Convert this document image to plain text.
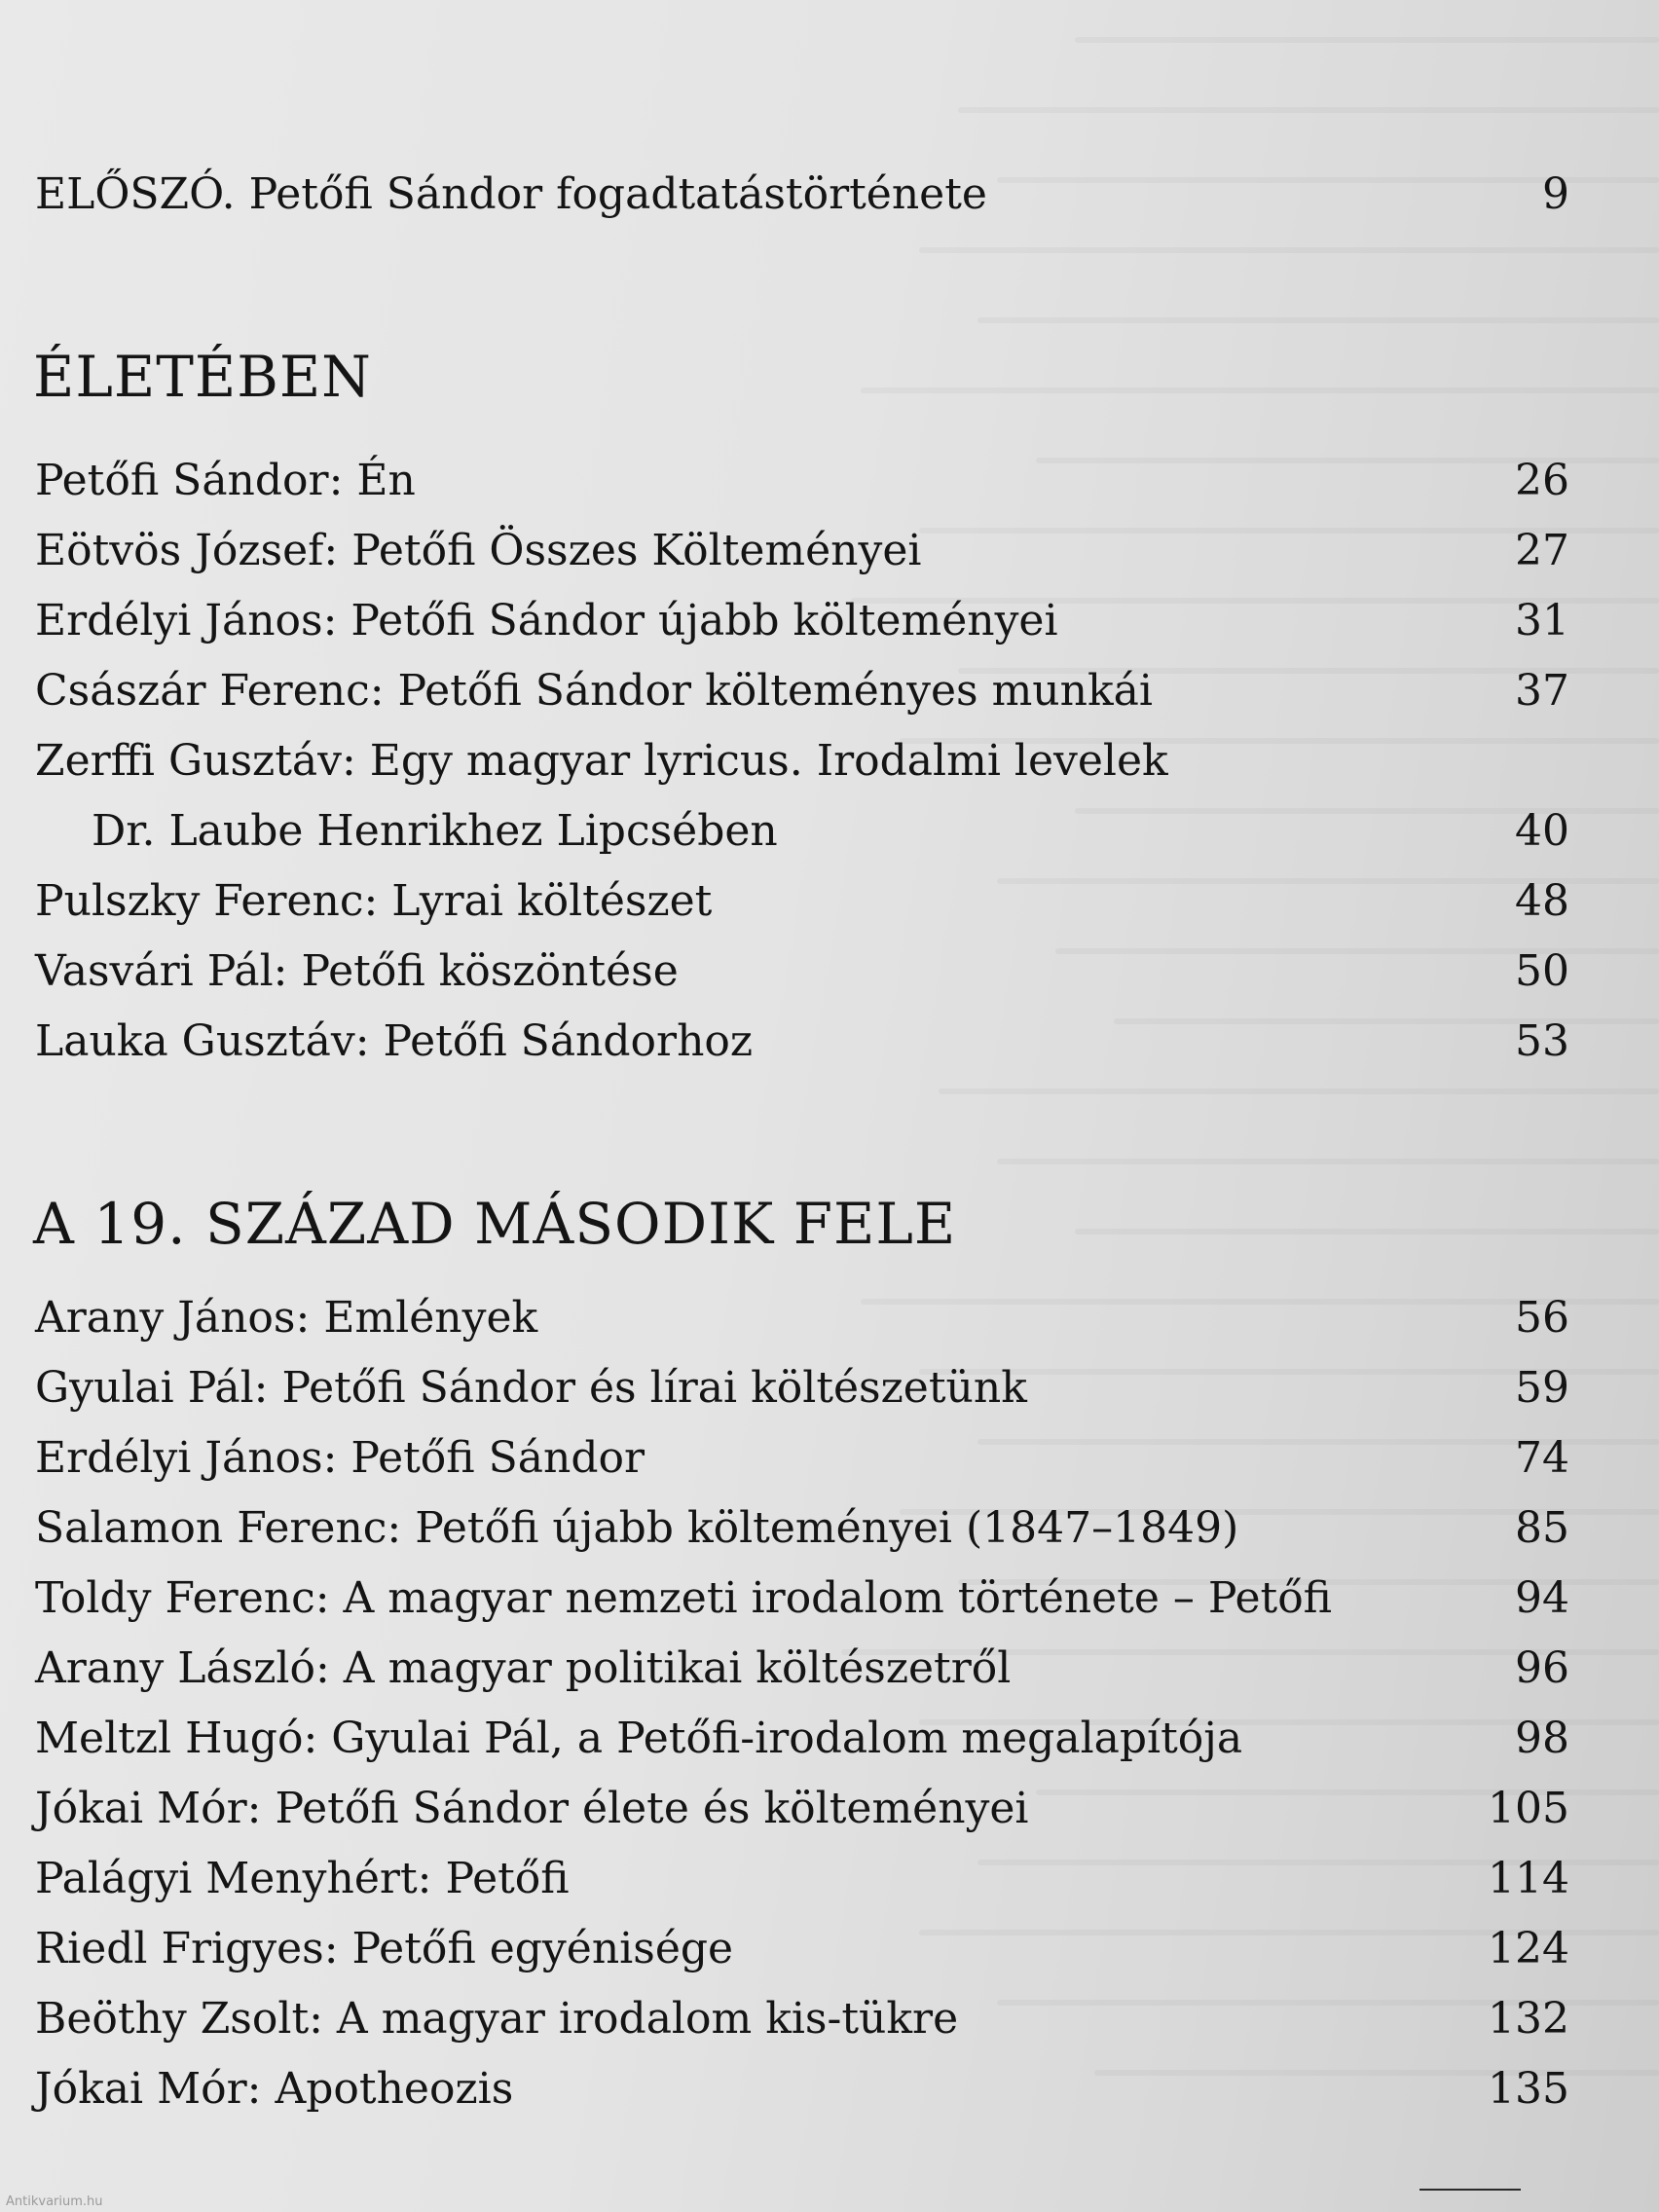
ELŐSZÓ. Petőfi Sándor fogadtatástörténete	9
ÉLETÉBEN
Petőfi Sándor: Én	26
Eötvös József: Petőfi Összes Költeményei	27
Erdélyi János: Petőfi Sándor újabb költeményei	31
Császár Ferenc: Petőfi Sándor költeményes munkái	37
Zerffi Gusztáv: Egy magyar lyricus. Irodalmi levelek
Dr. Laube Henrikhez Lipcsében	40
Pulszky Ferenc: Lyrai költészet	48
Vasvári Pál: Petőfi köszöntése	50
Lauka Gusztáv: Petőfi Sándorhoz	53
A 19. SZÁZAD MÁSODIK FELE
Arany János: Emlények	56
Gyulai Pál: Petőfi Sándor és lírai költészetünk	59
Erdélyi János: Petőfi Sándor	74
Salamon Ferenc: Petőfi újabb költeményei (1847–1849)	85
Toldy Ferenc: A magyar nemzeti irodalom története – Petőfi	94
Arany László: A magyar politikai költészetről	96
Meltzl Hugó: Gyulai Pál, a Petőfi-irodalom megalapítója	98
Jókai Mór: Petőfi Sándor élete és költeményei	105
Palágyi Menyhért: Petőfi	114
Riedl Frigyes: Petőfi egyénisége	124
Beöthy Zsolt: A magyar irodalom kis-tükre	132
Jókai Mór: Apotheozis	135
Antikvarium.hu
